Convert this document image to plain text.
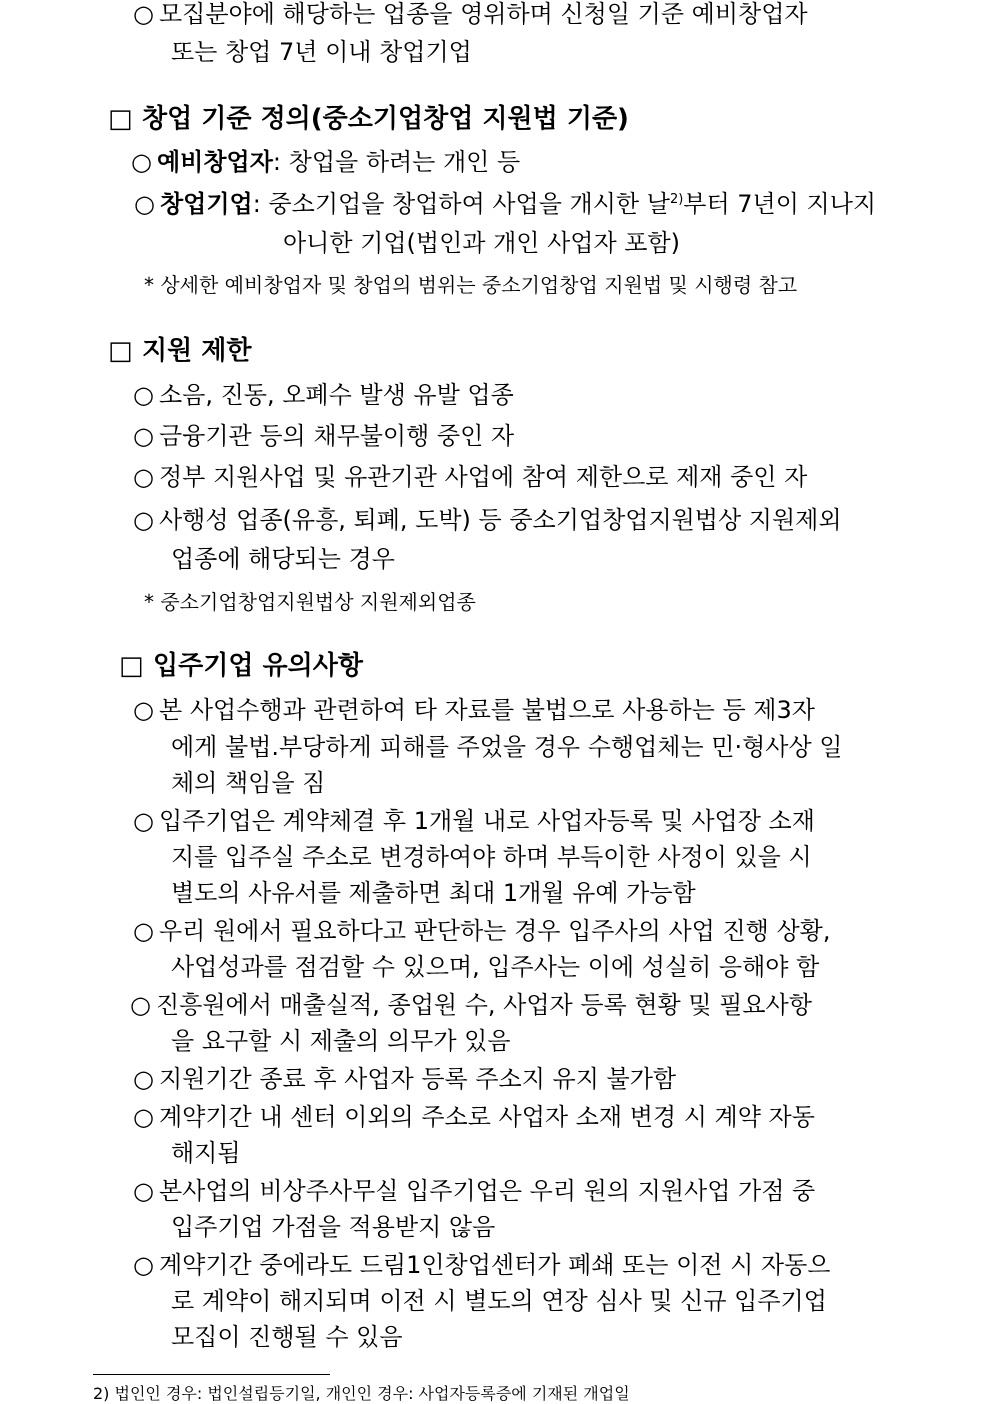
○ 모집분야에 해당하는 업종을 영위하며 신청일 기준 예비창업자
또는 창업 7년 이내 창업기업
□ 창업 기준 정의(중소기업창업 지원법 기준)
○ 예비창업자: 창업을 하려는 개인 등
○ 창업기업: 중소기업을 창업하여 사업을 개시한 날$^{2)}$부터 7년이 지나지
아니한 기업(법인과 개인 사업자 포함)
* 상세한 예비창업자 및 창업의 범위는 중소기업창업 지원법 및 시행령 참고
□ 지원 제한
○ 소음, 진동, 오폐수 발생 유발 업종
○ 금융기관 등의 채무불이행 중인 자
○ 정부 지원사업 및 유관기관 사업에 참여 제한으로 제재 중인 자
○ 사행성 업종(유흥, 퇴폐, 도박) 등 중소기업창업지원법상 지원제외
업종에 해당되는 경우
* 중소기업창업지원법상 지원제외업종
□ 입주기업 유의사항
○ 본 사업수행과 관련하여 타 자료를 불법으로 사용하는 등 제3자
에게 불법.부당하게 피해를 주었을 경우 수행업체는 민·형사상 일
체의 책임을 짐
○ 입주기업은 계약체결 후 1개월 내로 사업자등록 및 사업장 소재
지를 입주실 주소로 변경하여야 하며 부득이한 사정이 있을 시
별도의 사유서를 제출하면 최대 1개월 유예 가능함
○ 우리 원에서 필요하다고 판단하는 경우 입주사의 사업 진행 상황,
사업성과를 점검할 수 있으며, 입주사는 이에 성실히 응해야 함
○ 진흥원에서 매출실적, 종업원 수, 사업자 등록 현황 및 필요사항
을 요구할 시 제출의 의무가 있음
○ 지원기간 종료 후 사업자 등록 주소지 유지 불가함
○ 계약기간 내 센터 이외의 주소로 사업자 소재 변경 시 계약 자동
해지됨
○ 본사업의 비상주사무실 입주기업은 우리 원의 지원사업 가점 중
입주기업 가점을 적용받지 않음
○ 계약기간 중에라도 드림1인창업센터가 폐쇄 또는 이전 시 자동으
로 계약이 해지되며 이전 시 별도의 연장 심사 및 신규 입주기업
모집이 진행될 수 있음
2) 법인인 경우: 법인설립등기일, 개인인 경우: 사업자등록증에 기재된 개업일
